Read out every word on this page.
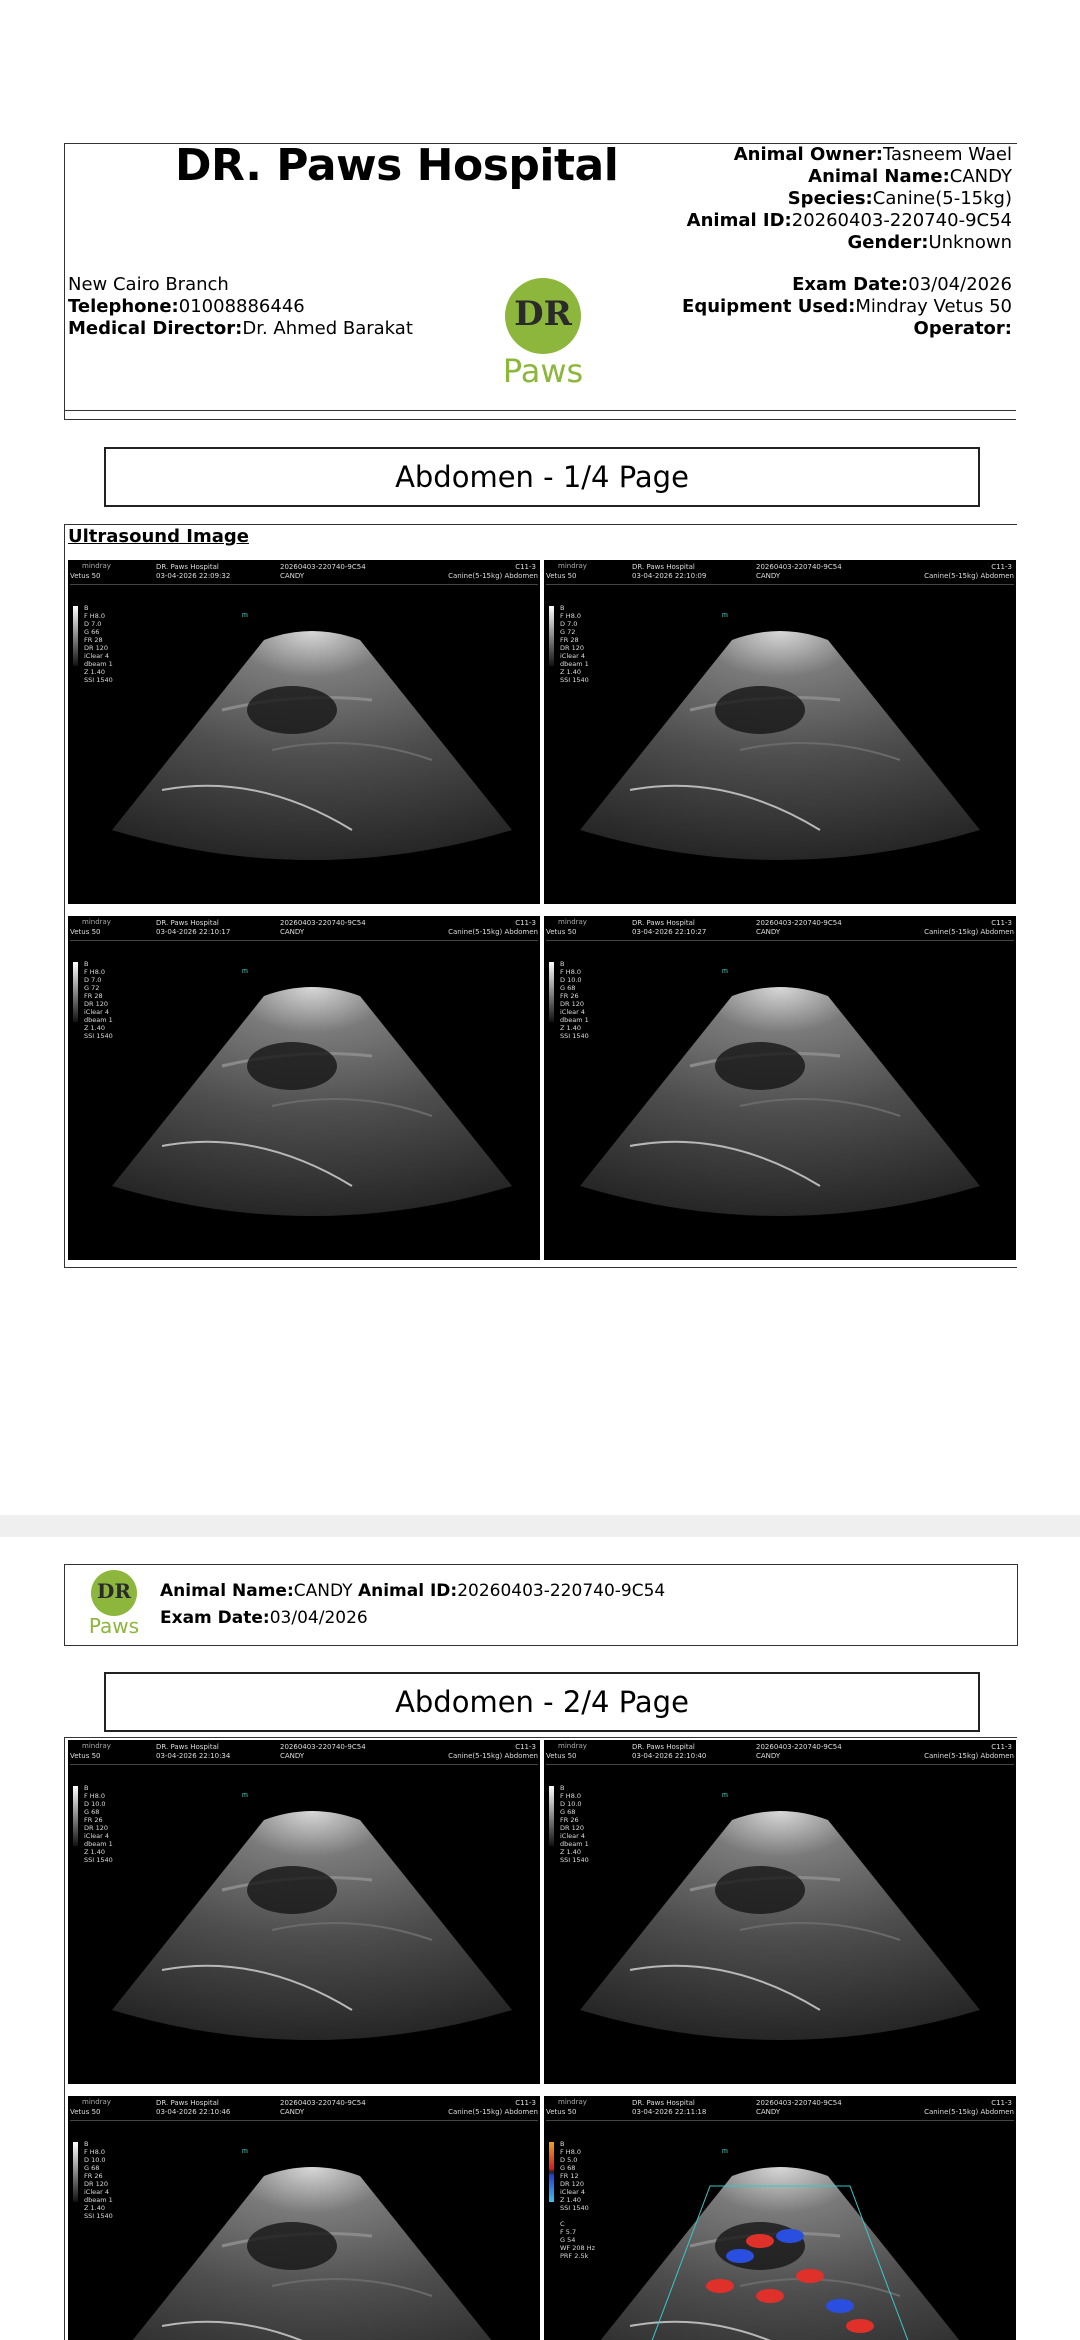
DR. Paws Hospital	Animal Owner:Tasneem Wael
Animal Name:CANDY
Species:Canine(5-15kg)
Animal ID:20260403-220740-9C54
Gender:Unknown
New Cairo Branch
Telephone:01008886446
Medical Director:Dr. Ahmed Barakat
Exam Date:03/04/2026
Equipment Used:Mindray Vetus 50
Operator:
DR
Paws
Abdomen - 1/4 Page
Ultrasound Image
mindray
Vetus 50
DR. Paws Hospital
03-04-2026 22:09:32
20260403-220740-9C54
CANDY
C11-3
Canine(5-15kg) Abdomen
B
F H8.0
D 7.0
G 66
FR 28
DR 120
iClear 4
dbeam 1
Z 1.40
SSI 1540
m
mindray
Vetus 50
DR. Paws Hospital
03-04-2026 22:10:09
20260403-220740-9C54
CANDY
C11-3
Canine(5-15kg) Abdomen
B
F H8.0
D 7.0
G 72
FR 28
DR 120
iClear 4
dbeam 1
Z 1.40
SSI 1540
m
mindray
Vetus 50
DR. Paws Hospital
03-04-2026 22:10:17
20260403-220740-9C54
CANDY
C11-3
Canine(5-15kg) Abdomen
B
F H8.0
D 7.0
G 72
FR 28
DR 120
iClear 4
dbeam 1
Z 1.40
SSI 1540
m
mindray
Vetus 50
DR. Paws Hospital
03-04-2026 22:10:27
20260403-220740-9C54
CANDY
C11-3
Canine(5-15kg) Abdomen
B
F H8.0
D 10.0
G 68
FR 26
DR 120
iClear 4
dbeam 1
Z 1.40
SSI 1540
m
DR
Paws
Animal Name:CANDY Animal ID:20260403-220740-9C54
Exam Date:03/04/2026
Abdomen - 2/4 Page
mindray
Vetus 50
DR. Paws Hospital
03-04-2026 22:10:34
20260403-220740-9C54
CANDY
C11-3
Canine(5-15kg) Abdomen
B
F H8.0
D 10.0
G 68
FR 26
DR 120
iClear 4
dbeam 1
Z 1.40
SSI 1540
m
mindray
Vetus 50
DR. Paws Hospital
03-04-2026 22:10:40
20260403-220740-9C54
CANDY
C11-3
Canine(5-15kg) Abdomen
B
F H8.0
D 10.0
G 68
FR 26
DR 120
iClear 4
dbeam 1
Z 1.40
SSI 1540
m
mindray
Vetus 50
DR. Paws Hospital
03-04-2026 22:10:46
20260403-220740-9C54
CANDY
C11-3
Canine(5-15kg) Abdomen
B
F H8.0
D 10.0
G 68
FR 26
DR 120
iClear 4
dbeam 1
Z 1.40
SSI 1540
m
mindray
Vetus 50
DR. Paws Hospital
03-04-2026 22:11:18
20260403-220740-9C54
CANDY
C11-3
Canine(5-15kg) Abdomen
B
F H8.0
D 5.0
G 68
FR 12
DR 120
iClear 4
Z 1.40
SSI 1540

C
F 5.7
G 54
WF 208 Hz
PRF 2.5k
m
